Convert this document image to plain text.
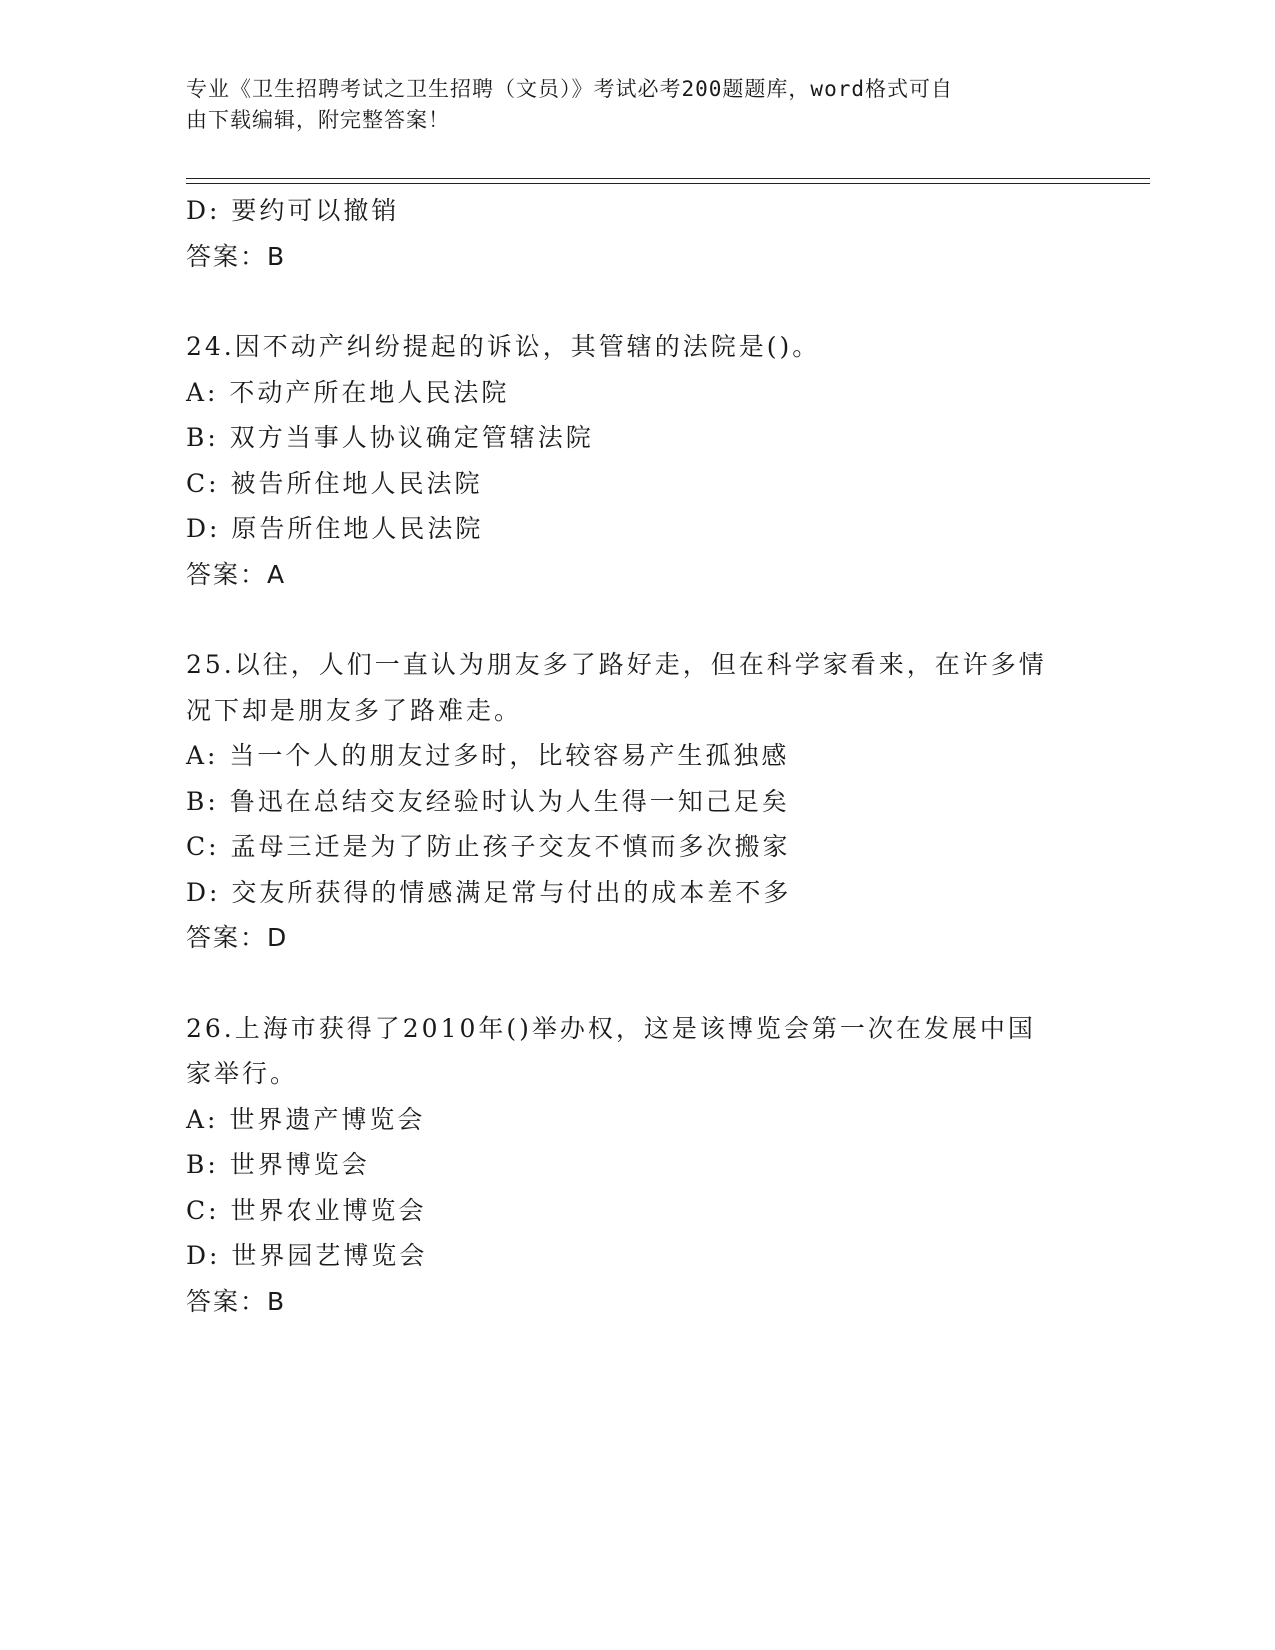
专业《卫生招聘考试之卫生招聘（文员）》考试必考200题题库，word格式可自
由下载编辑，附完整答案！
D: 要约可以撤销
答案：B
24.因不动产纠纷提起的诉讼，其管辖的法院是()。
A: 不动产所在地人民法院
B: 双方当事人协议确定管辖法院
C: 被告所住地人民法院
D: 原告所住地人民法院
答案：A
25.以往，人们一直认为朋友多了路好走，但在科学家看来，在许多情
况下却是朋友多了路难走。
A: 当一个人的朋友过多时，比较容易产生孤独感
B: 鲁迅在总结交友经验时认为人生得一知己足矣
C: 孟母三迁是为了防止孩子交友不慎而多次搬家
D: 交友所获得的情感满足常与付出的成本差不多
答案：D
26.上海市获得了2010年()举办权，这是该博览会第一次在发展中国
家举行。
A: 世界遗产博览会
B: 世界博览会
C: 世界农业博览会
D: 世界园艺博览会
答案：B
